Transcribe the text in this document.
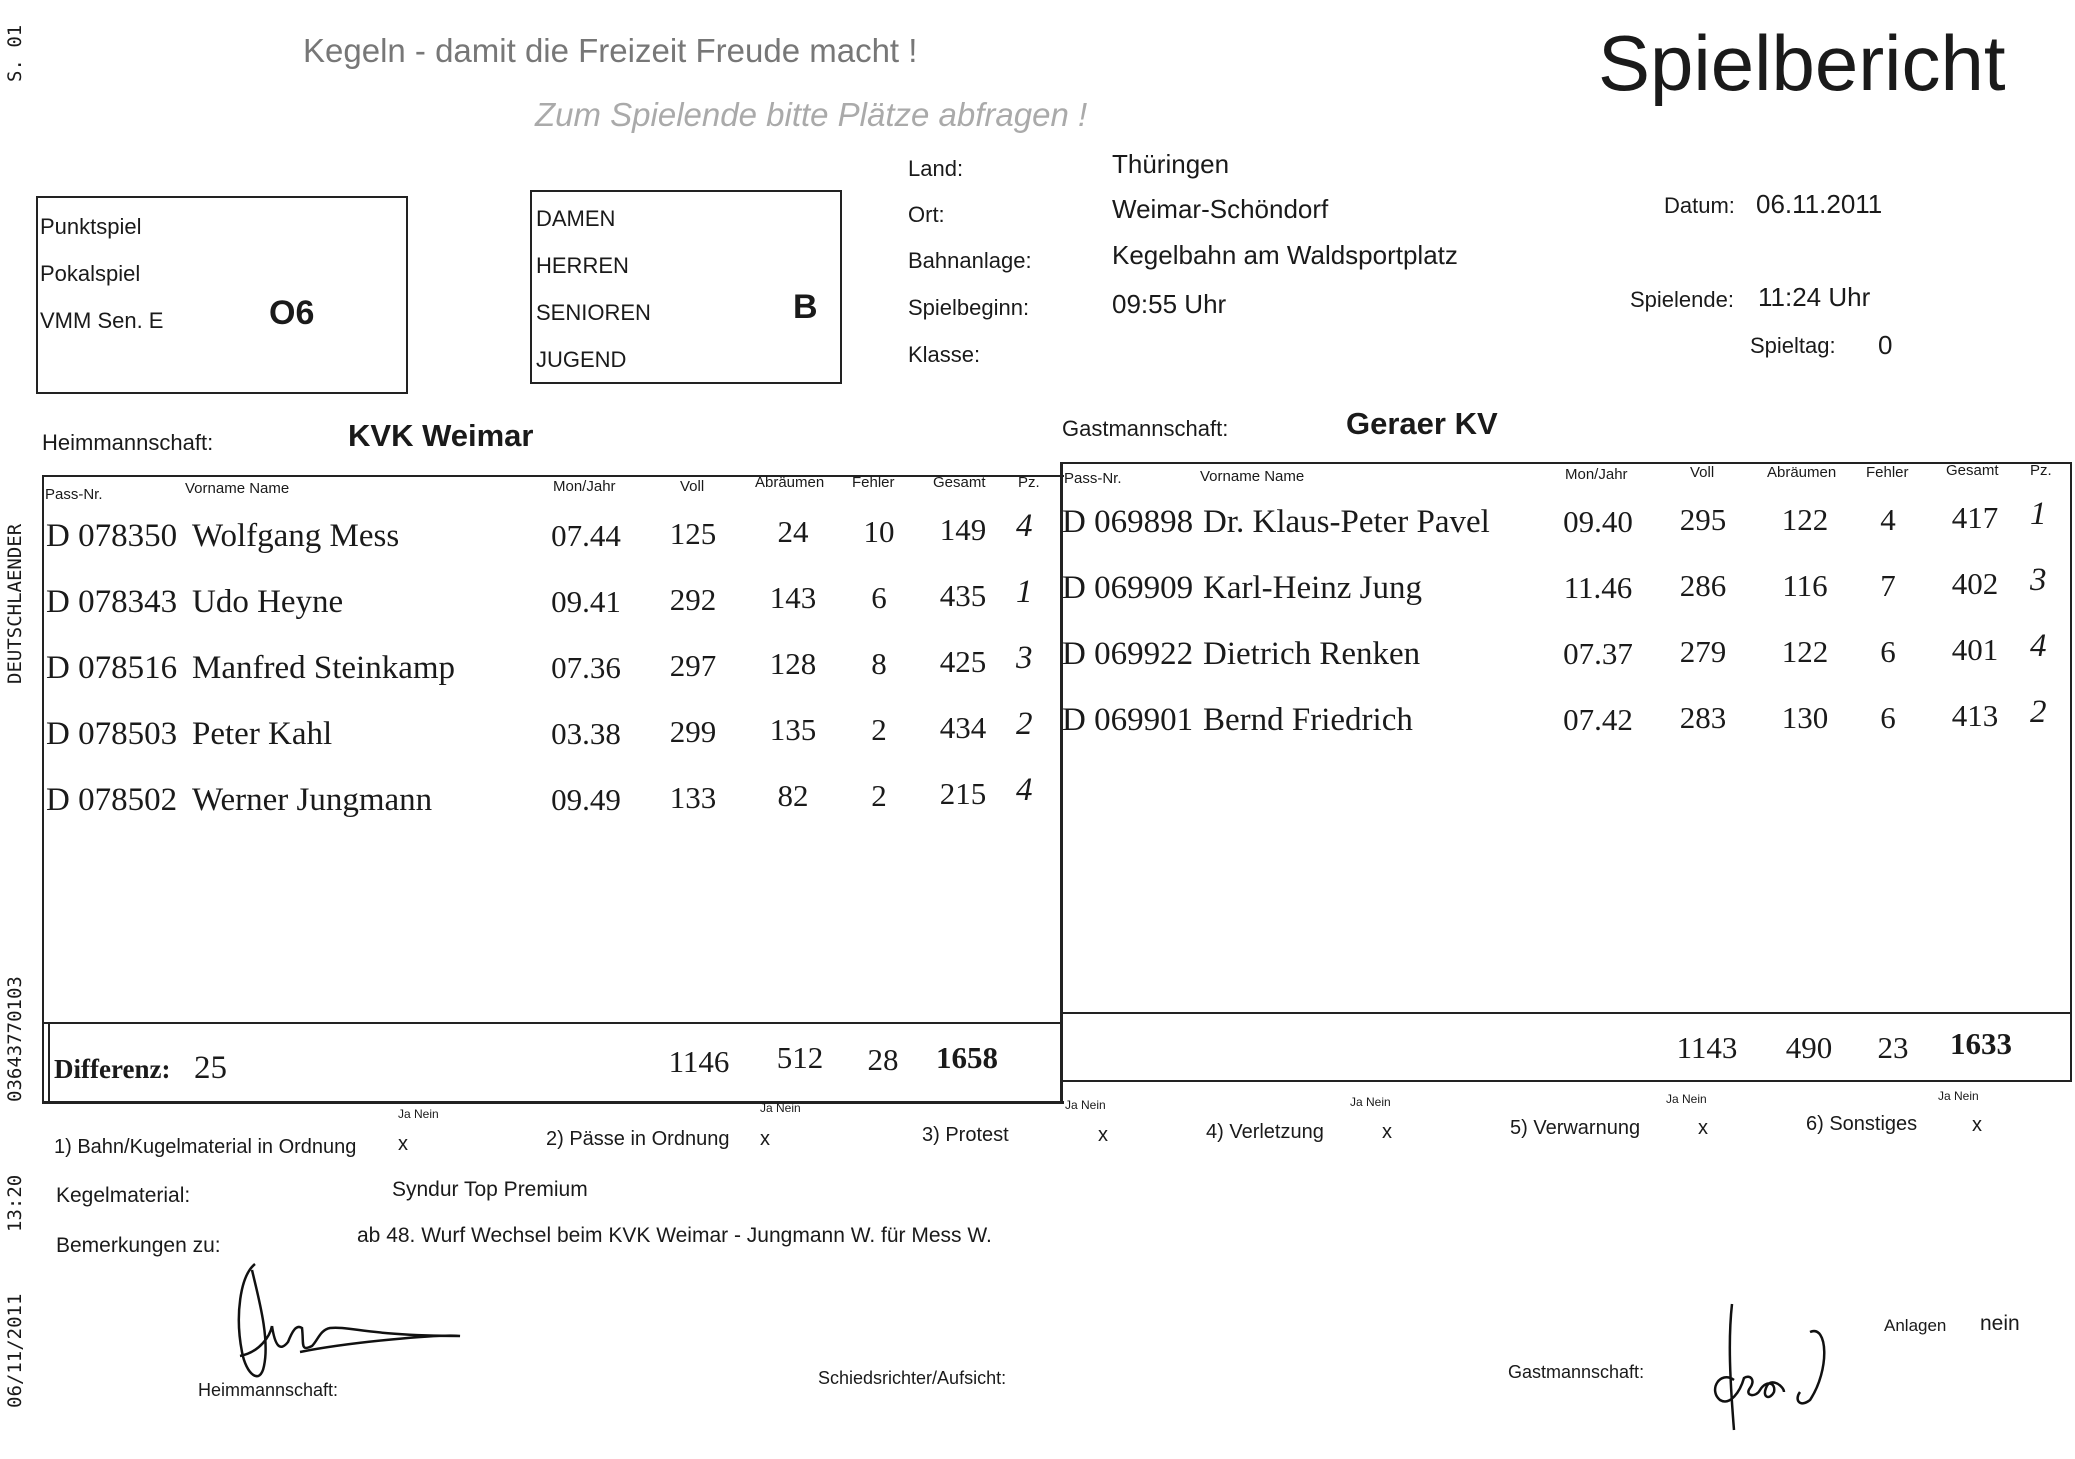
S. 01
DEUTSCHLAENDER
03643770103
13:20
06/11/2011
Kegeln - damit die Freizeit Freude macht !
Zum Spielende bitte Plätze abfragen !
Spielbericht
Punktspiel
Pokalspiel
VMM Sen. E	O6
DAMEN
HERREN
SENIOREN
JUGEND
B
Land:	Thüringen
Ort:	Weimar-Schöndorf
Bahnanlage:	Kegelbahn am Waldsportplatz
Spielbeginn:	09:55 Uhr
Klasse:
Datum: 06.11.2011
Spielende: 11:24 Uhr
Spieltag: 0
Heimmannschaft:	KVK Weimar	Gastmannschaft:	Geraer KV
Pass-Nr.	Vorname Name	Mon/Jahr	Voll	Abräumen Fehler	Gesamt Pz. Pass-Nr.	Vorname Name	Mon/Jahr	Voll	Abräumen Fehler Gesamt Pz.
D 078350 Wolfgang Mess	07.44	125	24	10	149 4
D 078343 Udo Heyne	09.41	292	143	6	435 1
D 078516 Manfred Steinkamp	07.36	297	128	8	425 3
D 078503 Peter Kahl	03.38	299	135	2	434 2
D 078502 Werner Jungmann	09.49	133	82	2	215 4
D 069898 Dr. Klaus-Peter Pavel 09.40	295	122	4	417 1
D 069909 Karl-Heinz Jung	11.46	286	116	7	402 3
D 069922 Dietrich Renken	07.37	279	122	6	401 4
D 069901 Bernd Friedrich	07.42	283	130	6	413 2
Differenz: 25	1146	512	28	1658	1143	490	23	1633
Ja Nein	Ja Nein	Ja Nein	Ja Nein	Ja Nein	Ja Nein
1) Bahn/Kugelmaterial in Ordnung x	2) Pässe in Ordnung x	3) Protest	x	4) Verletzung	x	5) Verwarnung	x	6) Sonstiges	x
Kegelmaterial:	Syndur Top Premium
Bemerkungen zu:	ab 48. Wurf Wechsel beim KVK Weimar - Jungmann W. für Mess W.
Heimmannschaft:
Schiedsrichter/Aufsicht:	Gastmannschaft:
Anlagen nein
